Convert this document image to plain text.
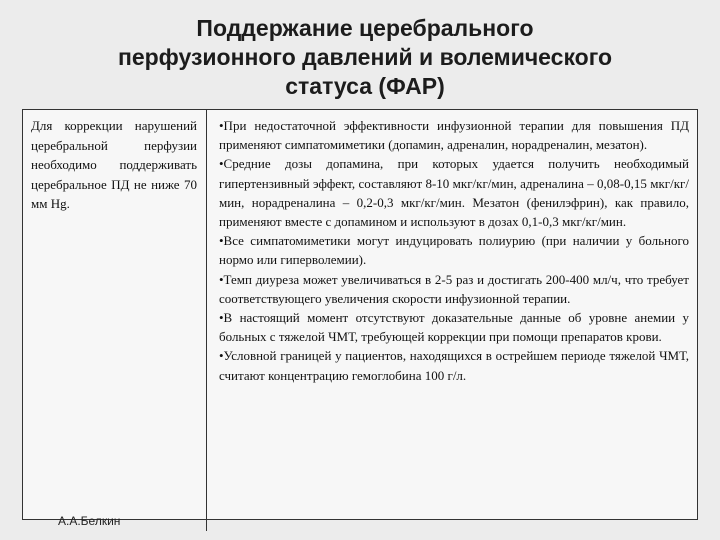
Поддержание церебрального
перфузионного давлений и волемического
статуса (ФАР)
Для коррекции нарушений церебральной перфузии необходимо поддерживать церебральное ПД не ниже 70 мм Hg.

•При недостаточной эффективности инфузионной терапии для повышения ПД применяют симпатомиметики (допамин, адреналин, норадреналин, мезатон).

•Средние дозы допамина, при которых удается получить необходимый гипертензивный эффект, составляют 8-10 мкг/кг/мин, адреналина – 0,08-0,15 мкг/кг/мин, норадреналина – 0,2-0,3 мкг/кг/мин. Мезатон (фенилэфрин), как правило, применяют вместе с допамином и используют в дозах 0,1-0,3 мкг/кг/мин.

•Все симпатомиметики могут индуцировать полиурию (при наличии у больного нормо или гиперволемии).

•Темп диуреза может увеличиваться в 2-5 раз и достигать 200-400 мл/ч, что требует соответствующего увеличения скорости инфузионной терапии.

•В настоящий момент отсутствуют доказательные данные об уровне анемии у больных с тяжелой ЧМТ, требующей коррекции при помощи препаратов крови.

•Условной границей у пациентов, находящихся в острейшем периоде тяжелой ЧМТ, считают концентрацию гемоглобина 100 г/л.

А.А.Белкин
